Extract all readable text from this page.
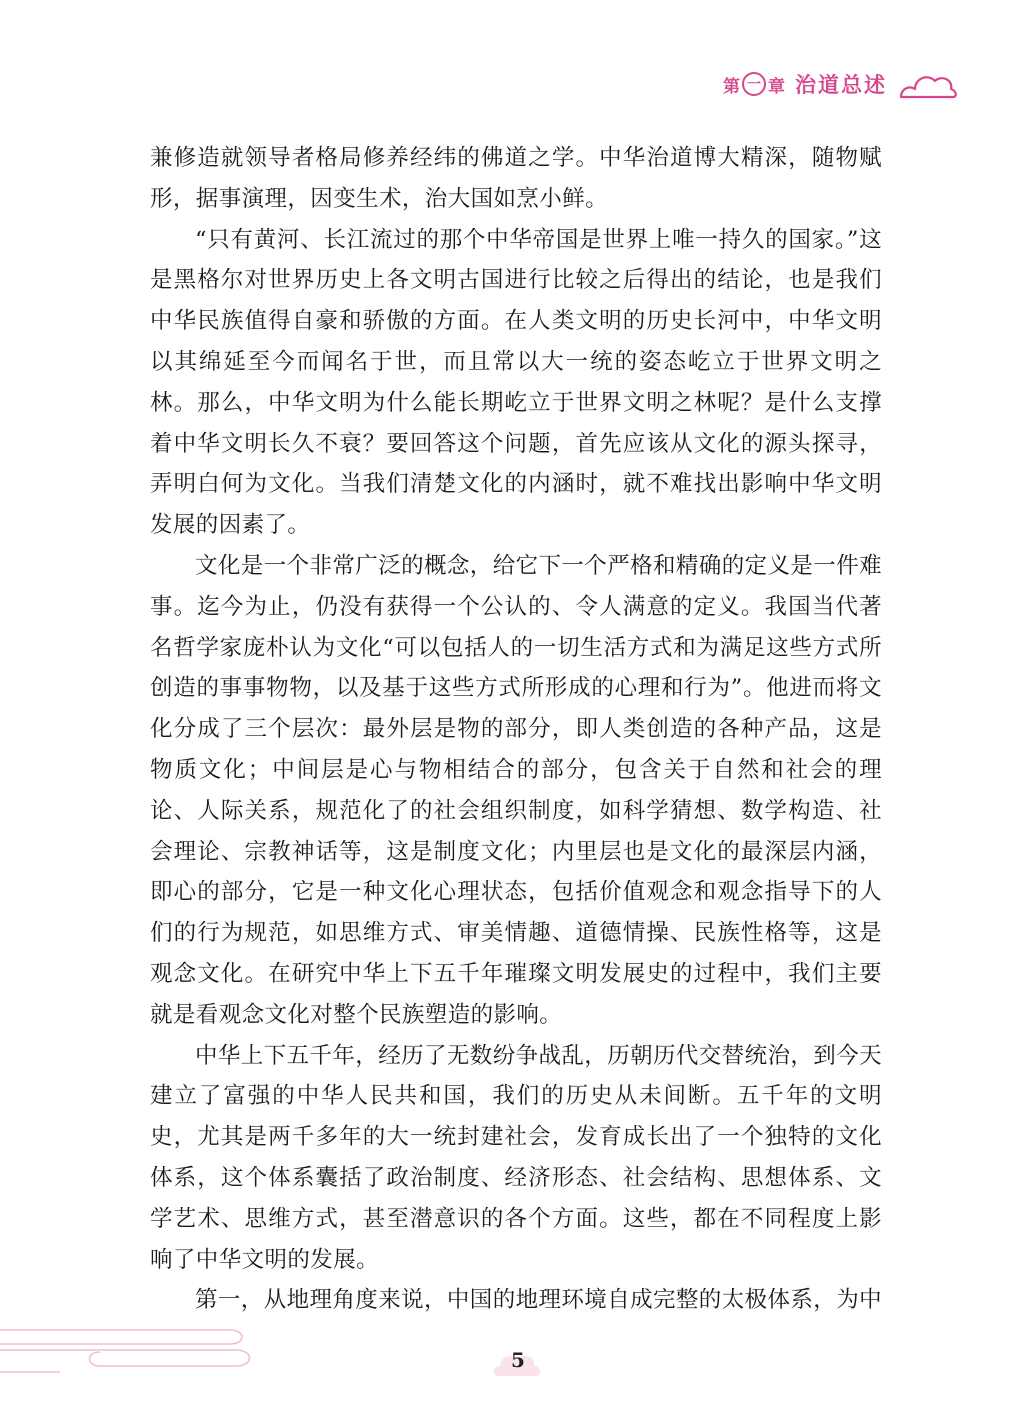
第 一 章 治道总述

兼修造就领导者格局修养经纬的佛道之学。中华治道博大精深，随物赋形，据事演理，因变生术，治大国如烹小鲜。

“只有黄河、长江流过的那个中华帝国是世界上唯一持久的国家。”这是黑格尔对世界历史上各文明古国进行比较之后得出的结论，也是我们中华民族值得自豪和骄傲的方面。在人类文明的历史长河中，中华文明以其绵延至今而闻名于世，而且常以大一统的姿态屹立于世界文明之林。那么，中华文明为什么能长期屹立于世界文明之林呢？是什么支撑着中华文明长久不衰？要回答这个问题，首先应该从文化的源头探寻，弄明白何为文化。当我们清楚文化的内涵时，就不难找出影响中华文明发展的因素了。

文化是一个非常广泛的概念，给它下一个严格和精确的定义是一件难事。迄今为止，仍没有获得一个公认的、令人满意的定义。我国当代著名哲学家庞朴认为文化“可以包括人的一切生活方式和为满足这些方式所创造的事事物物，以及基于这些方式所形成的心理和行为”。他进而将文化分成了三个层次：最外层是物的部分，即人类创造的各种产品，这是物质文化；中间层是心与物相结合的部分，包含关于自然和社会的理论、人际关系，规范化了的社会组织制度，如科学猜想、数学构造、社会理论、宗教神话等，这是制度文化；内里层也是文化的最深层内涵，即心的部分，它是一种文化心理状态，包括价值观念和观念指导下的人们的行为规范，如思维方式、审美情趣、道德情操、民族性格等，这是观念文化。在研究中华上下五千年璀璨文明发展史的过程中，我们主要就是看观念文化对整个民族塑造的影响。

中华上下五千年，经历了无数纷争战乱，历朝历代交替统治，到今天建立了富强的中华人民共和国，我们的历史从未间断。五千年的文明史，尤其是两千多年的大一统封建社会，发育成长出了一个独特的文化体系，这个体系囊括了政治制度、经济形态、社会结构、思想体系、文学艺术、思维方式，甚至潜意识的各个方面。这些，都在不同程度上影响了中华文明的发展。

第一，从地理角度来说，中国的地理环境自成完整的太极体系，为中

5
